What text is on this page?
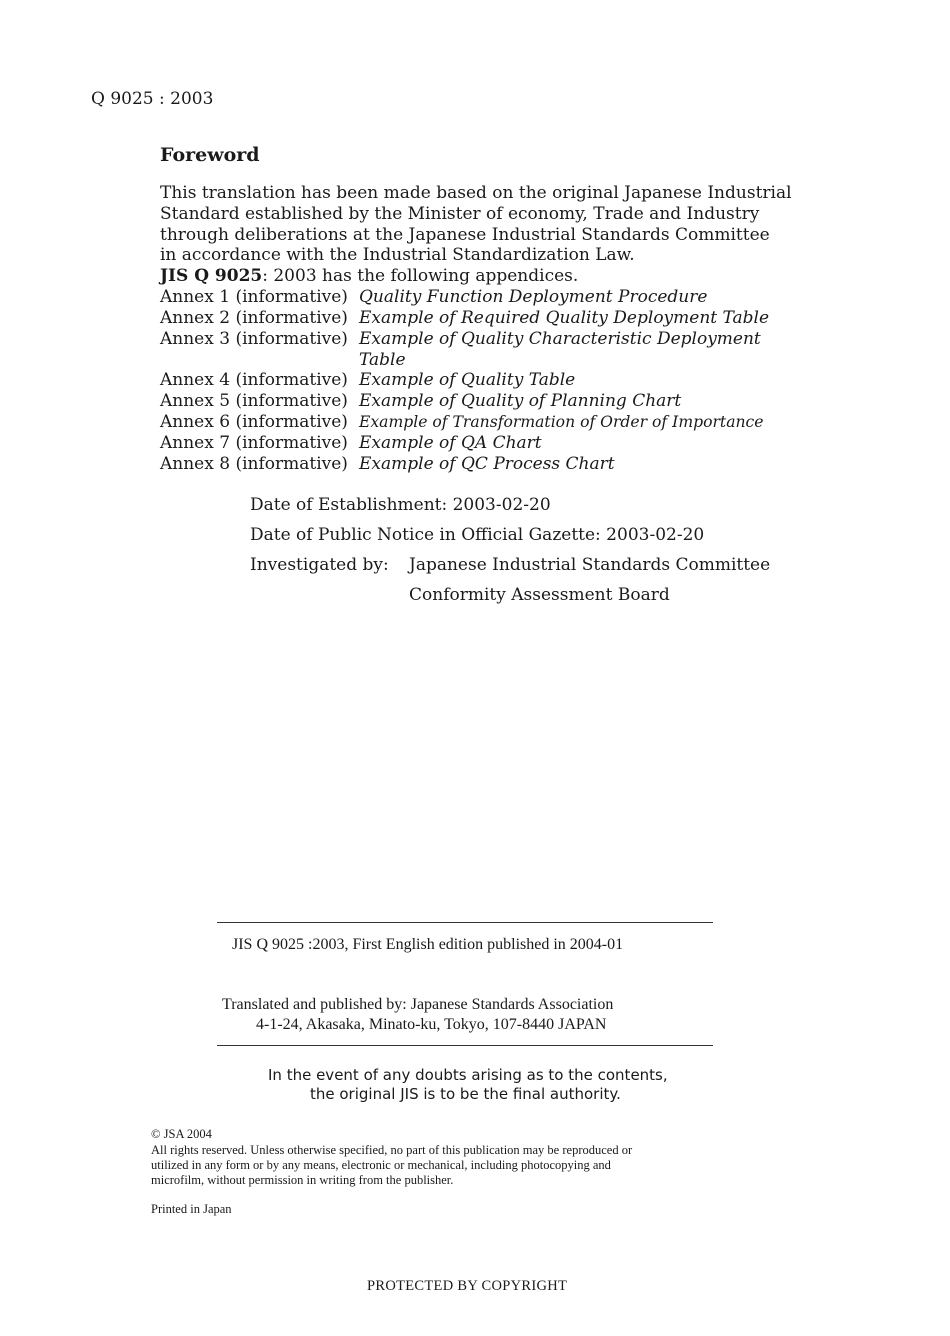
Q 9025 : 2003
Foreword
This translation has been made based on the original Japanese Industrial
Standard established by the Minister of economy, Trade and Industry
through deliberations at the Japanese Industrial Standards Committee
in accordance with the Industrial Standardization Law.
JIS Q 9025: 2003 has the following appendices.
Annex 1 (informative) Quality Function Deployment Procedure
Annex 2 (informative) Example of Required Quality Deployment Table
Annex 3 (informative) Example of Quality Characteristic Deployment Table
Annex 4 (informative) Example of Quality Table
Annex 5 (informative) Example of Quality of Planning Chart
Annex 6 (informative) Example of Transformation of Order of Importance
Annex 7 (informative) Example of QA Chart
Annex 8 (informative) Example of QC Process Chart
Date of Establishment: 2003-02-20
Date of Public Notice in Official Gazette: 2003-02-20
Investigated by: Japanese Industrial Standards Committee
Conformity Assessment Board
JIS Q 9025 :2003, First English edition published in 2004-01
Translated and published by: Japanese Standards Association
4-1-24, Akasaka, Minato-ku, Tokyo, 107-8440 JAPAN
In the event of any doubts arising as to the contents,
the original JIS is to be the final authority.
© JSA 2004
All rights reserved. Unless otherwise specified, no part of this publication may be reproduced or
utilized in any form or by any means, electronic or mechanical, including photocopying and
microfilm, without permission in writing from the publisher.
Printed in Japan
PROTECTED BY COPYRIGHT
